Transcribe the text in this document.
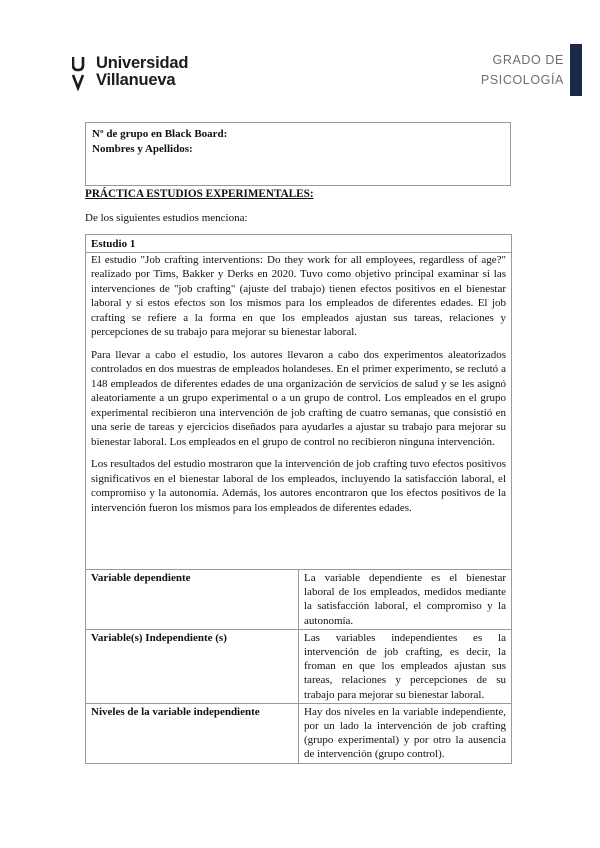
Universidad
Villanueva
GRADO DE
PSICOLOGÍA
Nº de grupo en Black Board:
Nombres y Apellidos:
PRÁCTICA ESTUDIOS EXPERIMENTALES:
De los siguientes estudios menciona:
Estudio 1

El estudio "Job crafting interventions: Do they work for all employees, regardless of age?" realizado por Tims, Bakker y Derks en 2020. Tuvo como objetivo principal examinar si las intervenciones de "job crafting" (ajuste del trabajo) tienen efectos positivos en el bienestar laboral y si estos efectos son los mismos para los empleados de diferentes edades. El job crafting se refiere a la forma en que los empleados ajustan sus tareas, relaciones y percepciones de su trabajo para mejorar su bienestar laboral.

Para llevar a cabo el estudio, los autores llevaron a cabo dos experimentos aleatorizados controlados en dos muestras de empleados holandeses. En el primer experimento, se reclutó a 148 empleados de diferentes edades de una organización de servicios de salud y se les asignó aleatoriamente a un grupo experimental o a un grupo de control. Los empleados en el grupo experimental recibieron una intervención de job crafting de cuatro semanas, que consistió en una serie de tareas y ejercicios diseñados para ayudarles a ajustar su trabajo para mejorar su bienestar laboral. Los empleados en el grupo de control no recibieron ninguna intervención.

Los resultados del estudio mostraron que la intervención de job crafting tuvo efectos positivos significativos en el bienestar laboral de los empleados, incluyendo la satisfacción laboral, el compromiso y la autonomía. Además, los autores encontraron que los efectos positivos de la intervención fueron los mismos para los empleados de diferentes edades.

Variable dependiente	La variable dependiente es el bienestar laboral de los empleados, medidos mediante la satisfacción laboral, el compromiso y la autonomía.
Variable(s) Independiente (s)	Las variables independientes es la intervención de job crafting, es decir, la froman en que los empleados ajustan sus tareas, relaciones y percepciones de su trabajo para mejorar su bienestar laboral.
Niveles de la variable independiente	Hay dos niveles en la variable independiente, por un lado la intervención de job crafting (grupo experimental) y por otro la ausencia de intervención (grupo control).
